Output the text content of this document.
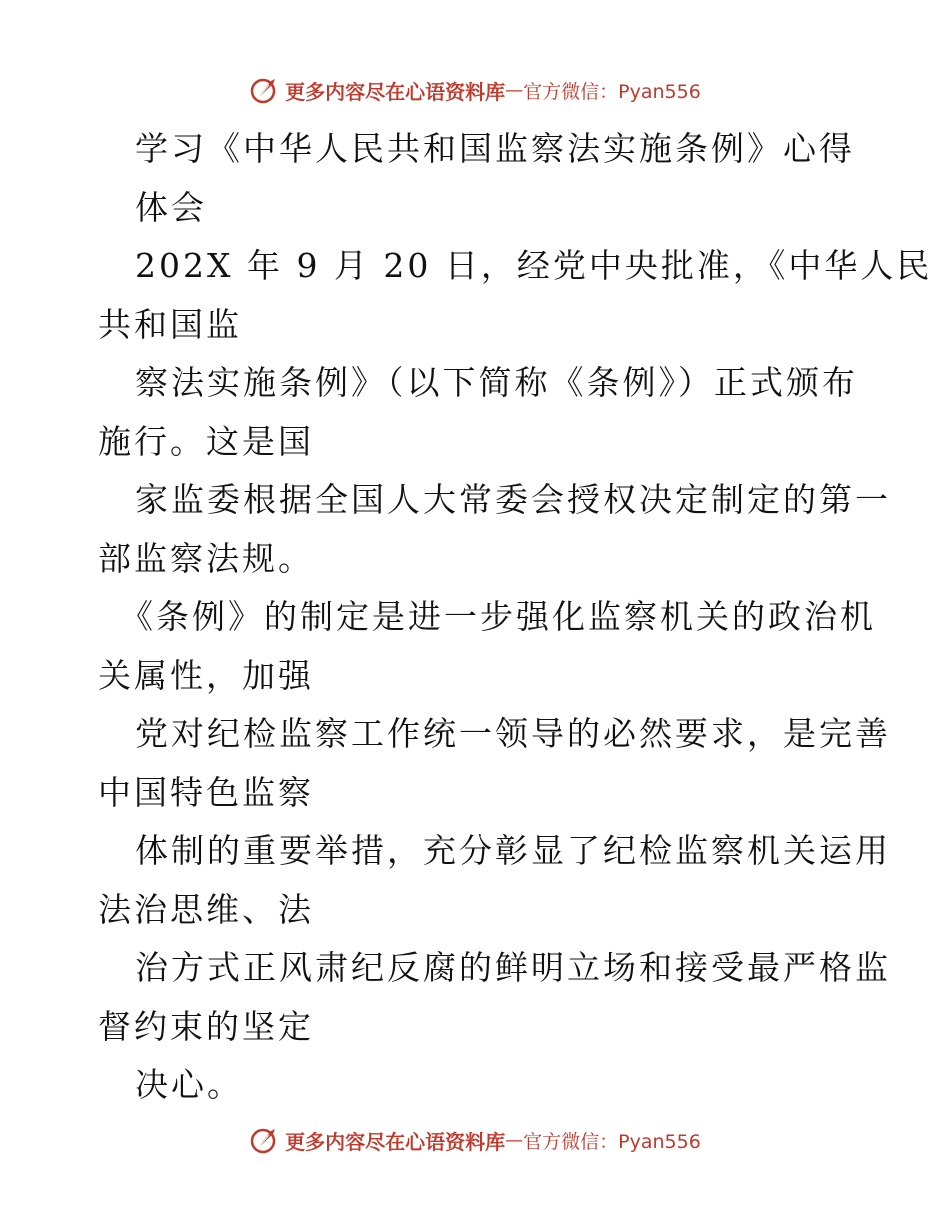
更多内容尽在心语资料库 — 官方微信：Pyan556
学习《中华人民共和国监察法实施条例》心得
体会
202X 年 9 月 20 日，经党中央批准，《中华人民
共和国监
察法实施条例》（以下简称《条例》）正式颁布
施行。这是国
家监委根据全国人大常委会授权决定制定的第一
部监察法规。
《条例》的制定是进一步强化监察机关的政治机
关属性，加强
党对纪检监察工作统一领导的必然要求，是完善
中国特色监察
体制的重要举措，充分彰显了纪检监察机关运用
法治思维、法
治方式正风肃纪反腐的鲜明立场和接受最严格监
督约束的坚定
决心。
更多内容尽在心语资料库 — 官方微信：Pyan556
